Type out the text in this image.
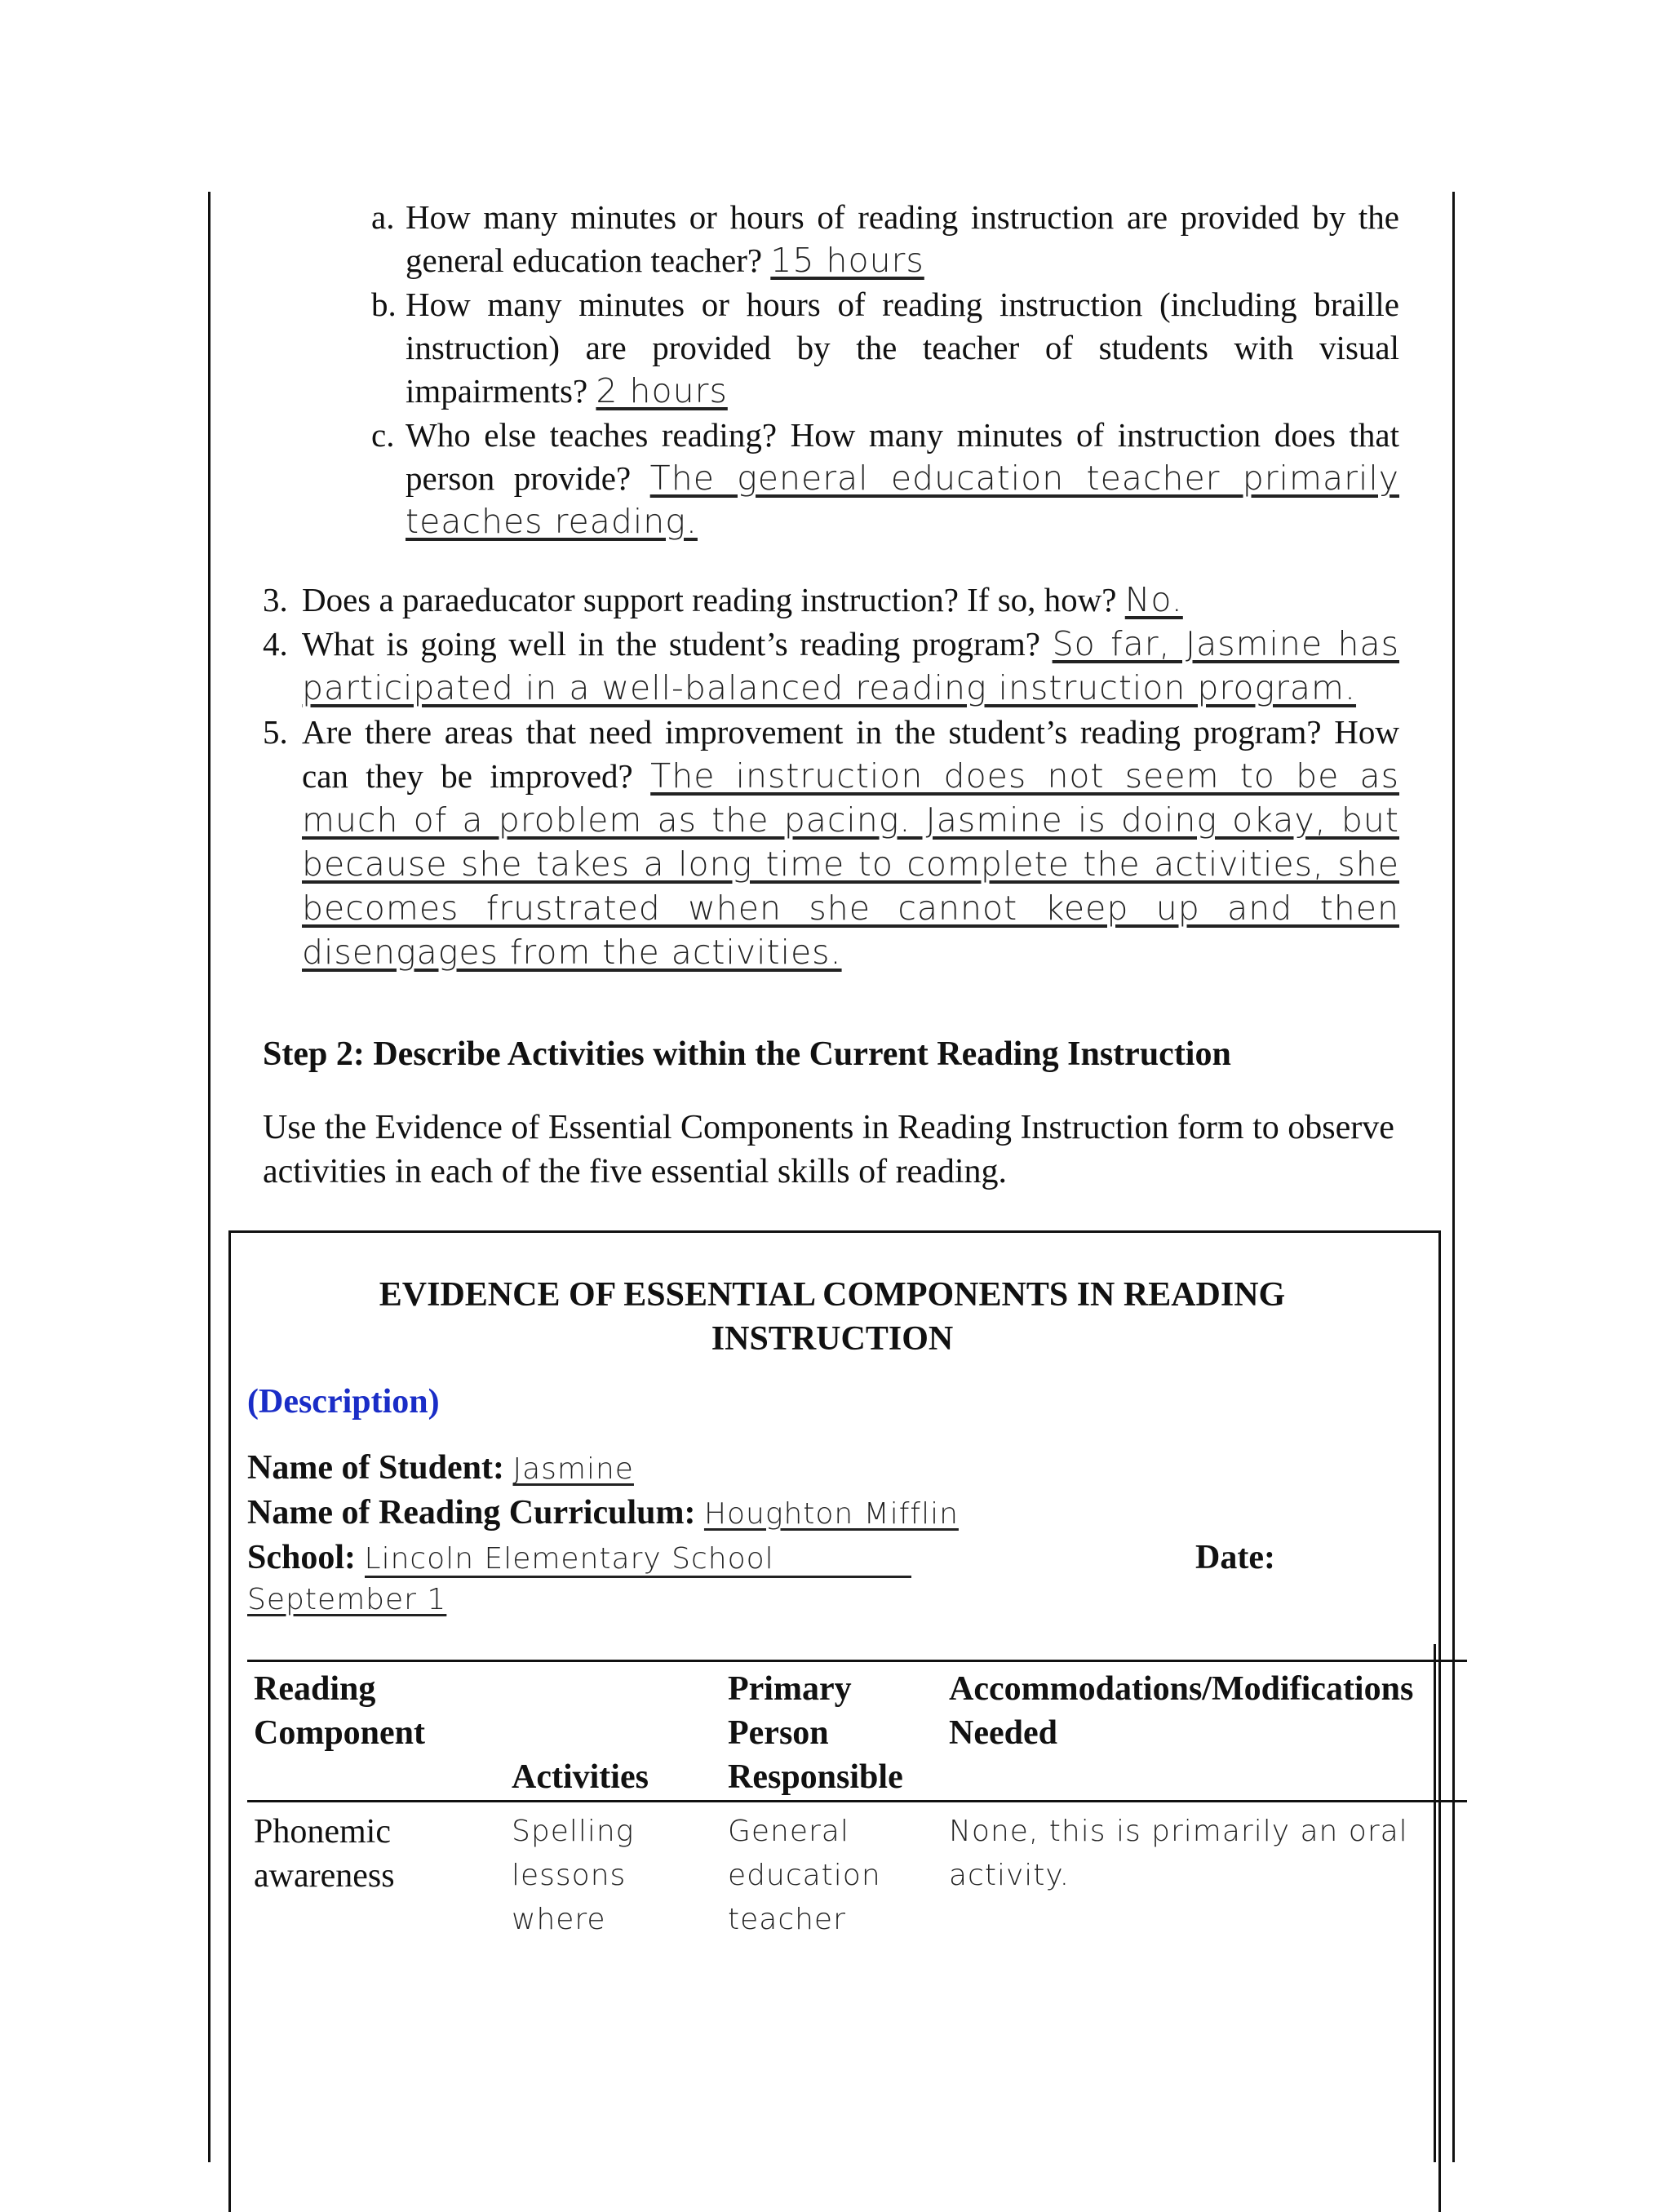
a. How many minutes or hours of reading instruction are provided by the general education teacher? 15 hours
b. How many minutes or hours of reading instruction (including braille instruction) are provided by the teacher of students with visual impairments? 2 hours
c. Who else teaches reading? How many minutes of instruction does that person provide? The general education teacher primarily teaches reading.
3. Does a paraeducator support reading instruction? If so, how? No.
4. What is going well in the student’s reading program? So far, Jasmine has participated in a well-balanced reading instruction program.
5. Are there areas that need improvement in the student’s reading program? How can they be improved? The instruction does not seem to be as much of a problem as the pacing. Jasmine is doing okay, but because she takes a long time to complete the activities, she becomes frustrated when she cannot keep up and then disengages from the activities.
Step 2: Describe Activities within the Current Reading Instruction
Use the Evidence of Essential Components in Reading Instruction form to observe activities in each of the five essential skills of reading.
EVIDENCE OF ESSENTIAL COMPONENTS IN READING
INSTRUCTION
(Description)
Name of Student: Jasmine
Name of Reading Curriculum: Houghton Mifflin
School: Lincoln Elementary School	Date:
September 1
Reading
Component
Activities
Primary
Person
Responsible
Accommodations/Modifications
Needed
Phonemic
awareness
Spelling
lessons
where
General
education
teacher
None, this is primarily an oral
activity.
